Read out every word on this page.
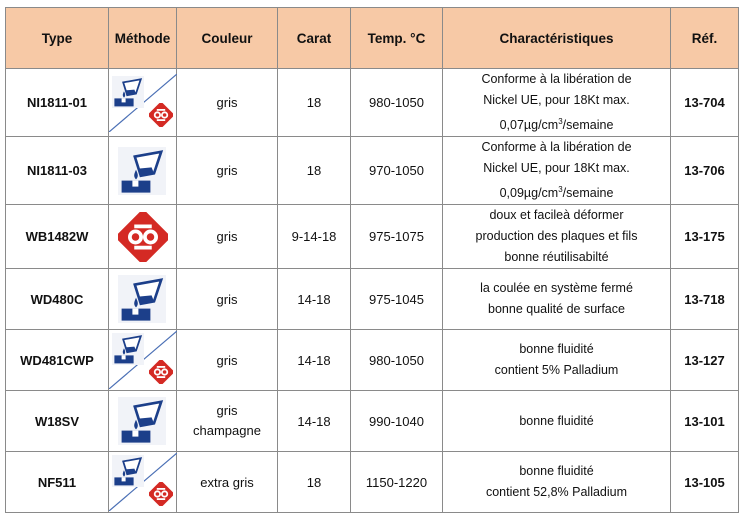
Type	Méthode	Couleur	Carat	Temp. °C	Charactéristiques	Réf.
NI1811-01		gris	18	980-1050	Conforme à la libération de
Nickel UE, pour 18Kt max.
$0,07\mu g/cm^3$/semaine	13-704
NI1811-03		gris	18	970-1050	Conforme à la libération de
Nickel UE, pour 18Kt max.
$0,09\mu g/cm^3$/semaine	13-706
WB1482W		gris	9-14-18	975-1075	doux et facileà déformer
production des plaques et fils
bonne réutilisabilté	13-175
WD480C		gris	14-18	975-1045	la coulée en système fermé
bonne qualité de surface	13-718
WD481CWP		gris	14-18	980-1050	bonne fluidité
contient 5% Palladium	13-127
W18SV		gris
champagne	14-18	990-1040	bonne fluidité	13-101
NF511		extra gris	18	1150-1220	bonne fluidité
contient 52,8% Palladium	13-105
